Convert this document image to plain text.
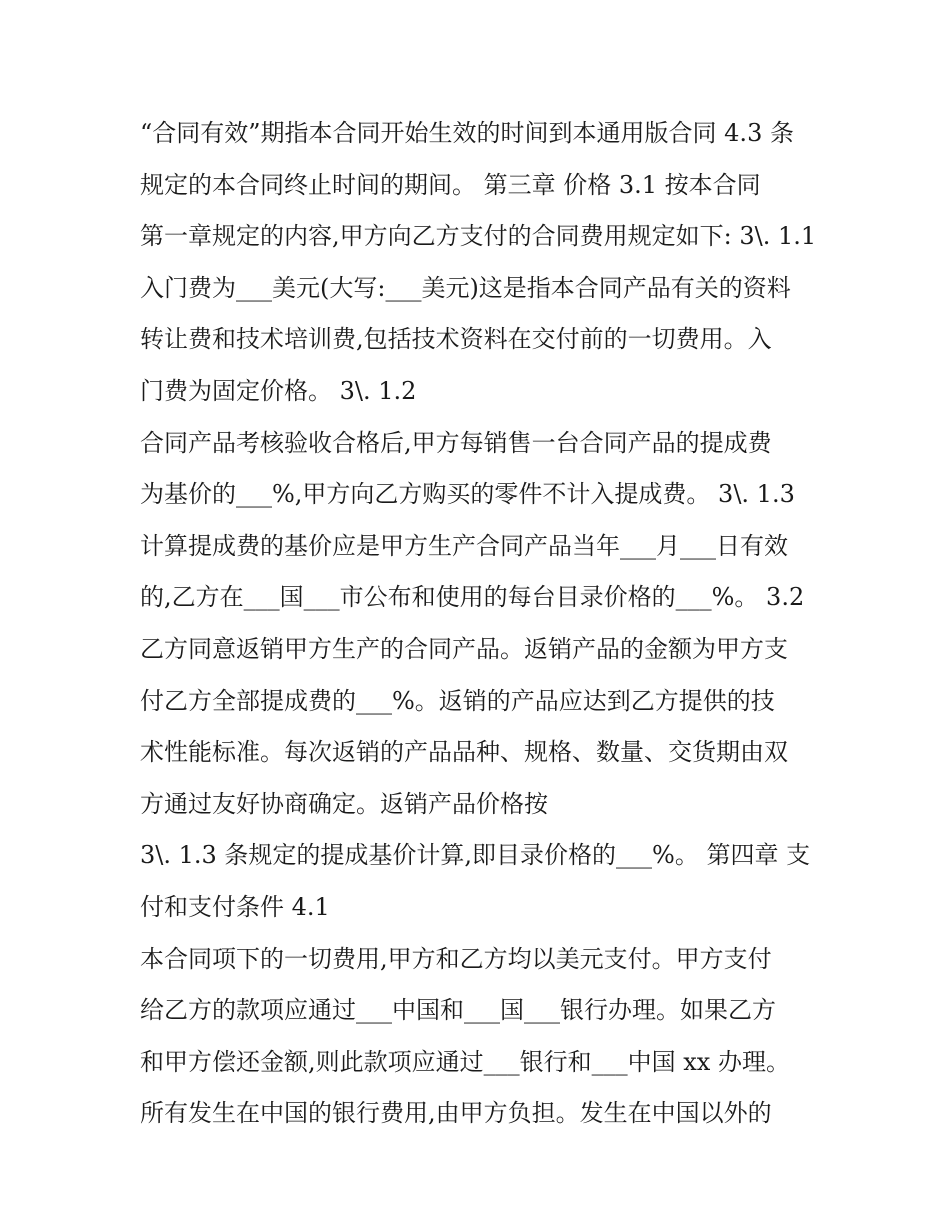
“合同有效”期指本合同开始生效的时间到本通用版合同 4.3 条
规定的本合同终止时间的期间。 第三章 价格 3.1 按本合同
第一章规定的内容,甲方向乙方支付的合同费用规定如下: 3\. 1.1
入门费为___美元(大写:___美元)这是指本合同产品有关的资料
转让费和技术培训费,包括技术资料在交付前的一切费用。入
门费为固定价格。 3\. 1.2
合同产品考核验收合格后,甲方每销售一台合同产品的提成费
为基价的___%,甲方向乙方购买的零件不计入提成费。 3\. 1.3
计算提成费的基价应是甲方生产合同产品当年___月___日有效
的,乙方在___国___市公布和使用的每台目录价格的___%。 3.2
乙方同意返销甲方生产的合同产品。返销产品的金额为甲方支
付乙方全部提成费的___%。返销的产品应达到乙方提供的技
术性能标准。每次返销的产品品种、规格、数量、交货期由双
方通过友好协商确定。返销产品价格按
3\. 1.3 条规定的提成基价计算,即目录价格的___%。 第四章 支
付和支付条件 4.1
本合同项下的一切费用,甲方和乙方均以美元支付。甲方支付
给乙方的款项应通过___中国和___国___银行办理。如果乙方
和甲方偿还金额,则此款项应通过___银行和___中国 xx 办理。
所有发生在中国的银行费用,由甲方负担。发生在中国以外的
